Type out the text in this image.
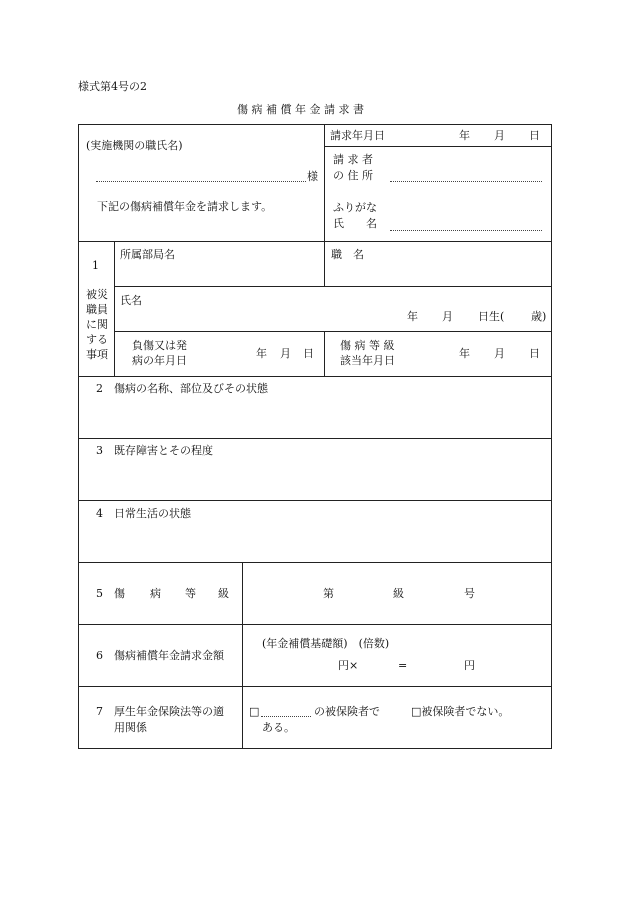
様式第4号の2
傷 病 補 償 年 金 請 求 書
(実施機関の職氏名)
様
下記の傷病補償年金を請求します。
請求年月日	年 月 日
請 求 者
の 住 所
ふりがな
氏　　名
1
被災
職員
に関
する
事項
所属部局名	職　名
氏名
年 月 日生( 歳)
負傷又は発
病の年月日
年 月 日
傷 病 等 級
該当年月日
年 月 日
2　傷病の名称、部位及びその状態
3　既存障害とその程度
4　日常生活の状態
5 傷 病 等 級	第	級	号
6　傷病補償年金請求金額
(年金補償基礎額)　(倍数)
円×	=	円
7 厚生年金保険法等の適
用関係
□	の被保険者で	□被保険者でない。
ある。
